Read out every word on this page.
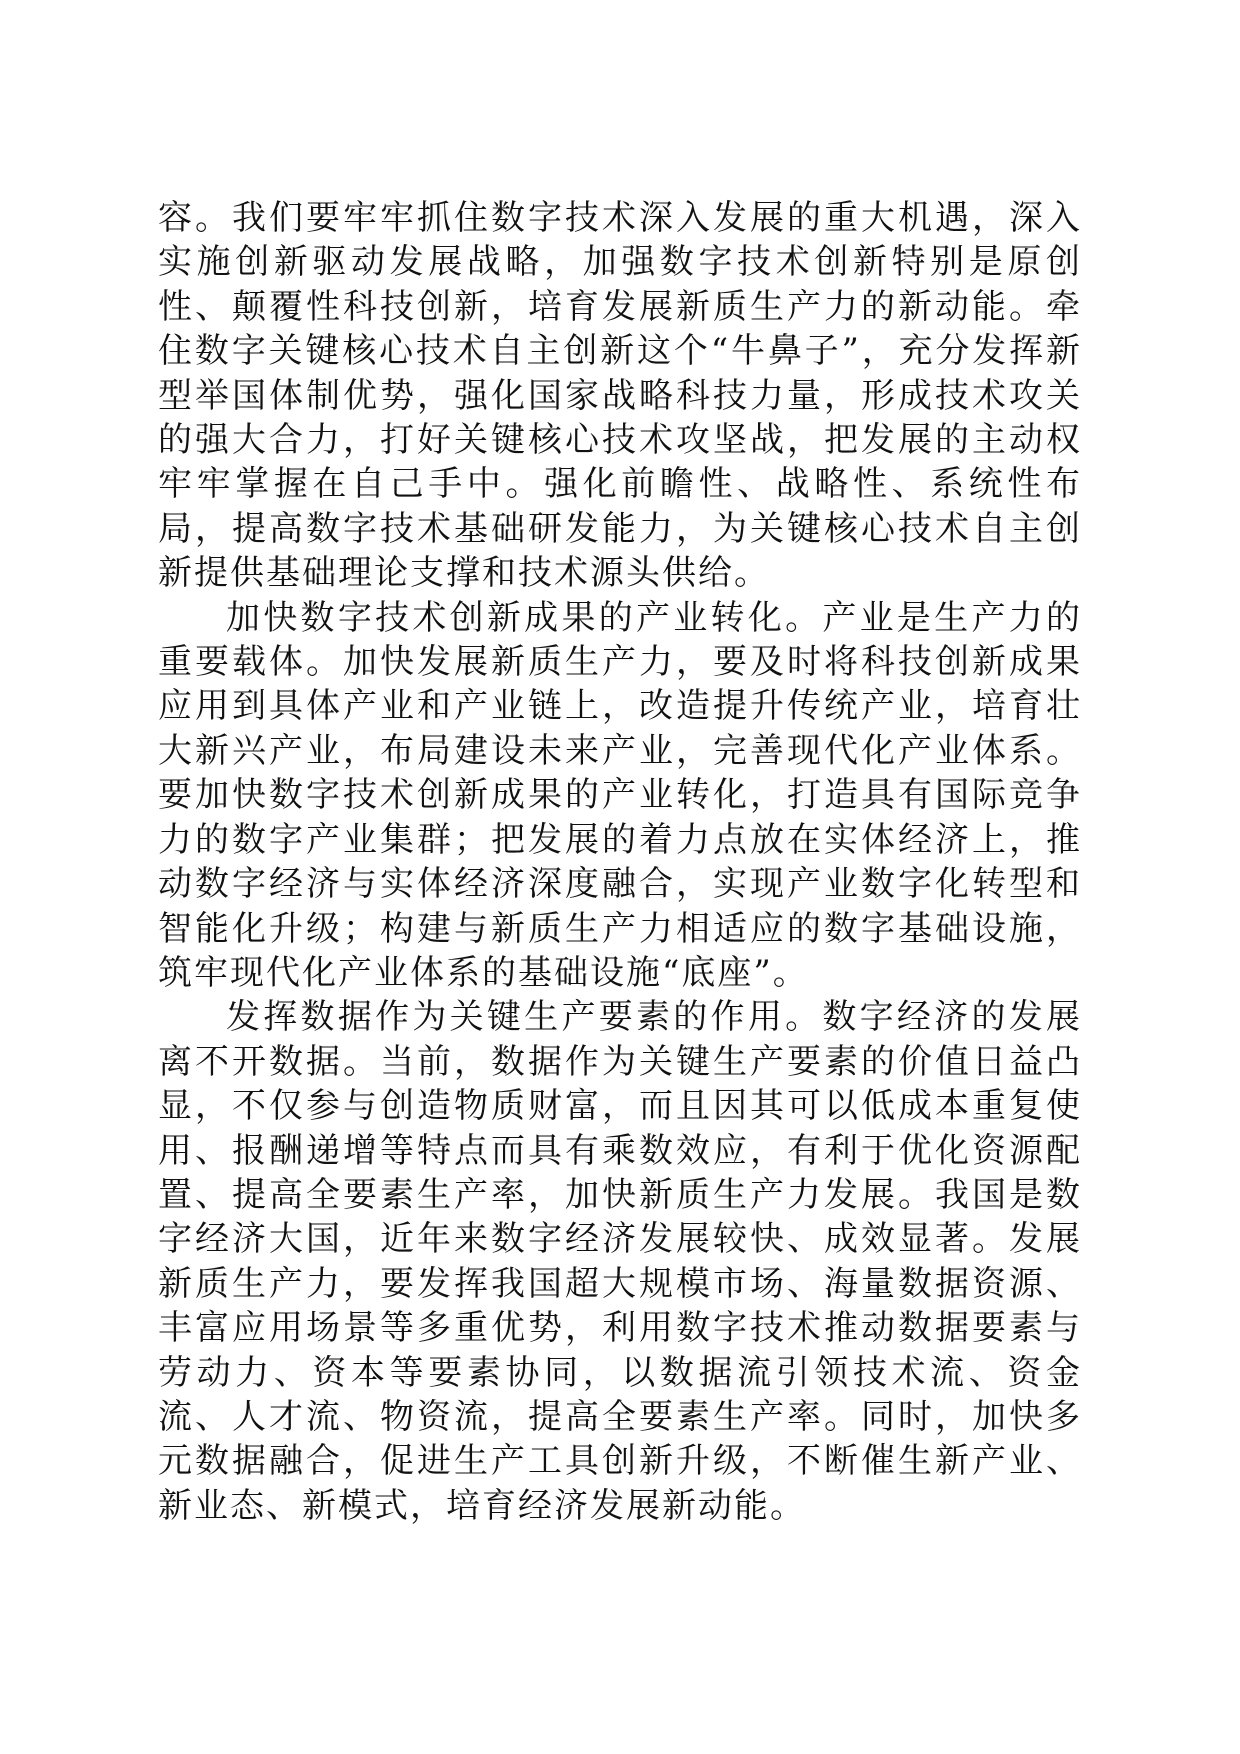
容。我们要牢牢抓住数字技术深入发展的重大机遇，深入实施创新驱动发展战略，加强数字技术创新特别是原创性、颠覆性科技创新，培育发展新质生产力的新动能。牵住数字关键核心技术自主创新这个“牛鼻子”，充分发挥新型举国体制优势，强化国家战略科技力量，形成技术攻关的强大合力，打好关键核心技术攻坚战，把发展的主动权牢牢掌握在自己手中。强化前瞻性、战略性、系统性布局，提高数字技术基础研发能力，为关键核心技术自主创新提供基础理论支撑和技术源头供给。

加快数字技术创新成果的产业转化。产业是生产力的重要载体。加快发展新质生产力，要及时将科技创新成果应用到具体产业和产业链上，改造提升传统产业，培育壮大新兴产业，布局建设未来产业，完善现代化产业体系。要加快数字技术创新成果的产业转化，打造具有国际竞争力的数字产业集群；把发展的着力点放在实体经济上，推动数字经济与实体经济深度融合，实现产业数字化转型和智能化升级；构建与新质生产力相适应的数字基础设施，筑牢现代化产业体系的基础设施“底座”。

发挥数据作为关键生产要素的作用。数字经济的发展离不开数据。当前，数据作为关键生产要素的价值日益凸显，不仅参与创造物质财富，而且因其可以低成本重复使用、报酬递增等特点而具有乘数效应，有利于优化资源配置、提高全要素生产率，加快新质生产力发展。我国是数字经济大国，近年来数字经济发展较快、成效显著。发展新质生产力，要发挥我国超大规模市场、海量数据资源、丰富应用场景等多重优势，利用数字技术推动数据要素与劳动力、资本等要素协同，以数据流引领技术流、资金流、人才流、物资流，提高全要素生产率。同时，加快多元数据融合，促进生产工具创新升级，不断催生新产业、新业态、新模式，培育经济发展新动能。
